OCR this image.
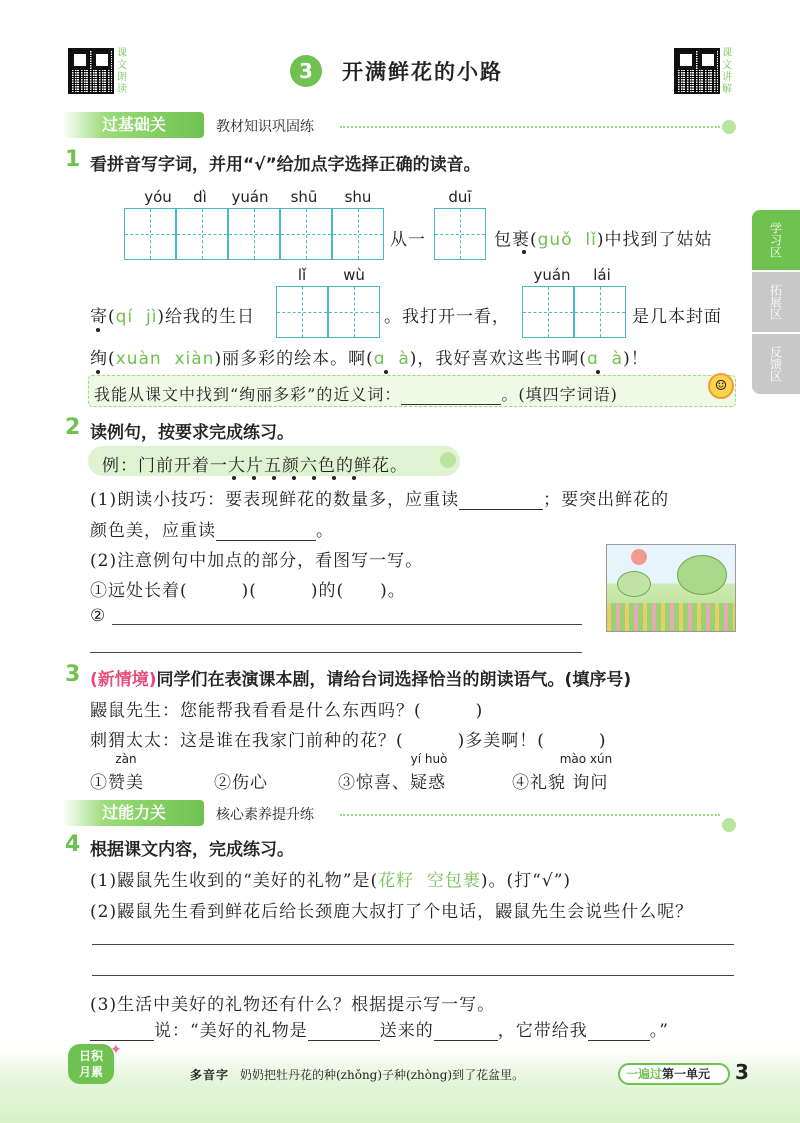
课文朗读
3	开满鲜花的小路
课文讲解
过基础关	教材知识巩固练
学习区
拓展区
反馈区
1 看拼音写字词，并用“√”给加点字选择正确的读音。
yóu	dì	yuán	shū	shu	duī
从一	包裹(guǒ lǐ)中找到了姑姑
lǐ	wù	yuán	lái
寄(qí jì)给我的生日	。我打开一看，	是几本封面
绚(xuàn xiàn)丽多彩的绘本。啊(ɑ à)，我好喜欢这些书啊(ɑ à)！
我能从课文中找到“绚丽多彩”的近义词：	。(填四字词语)	☺
2 读例句，按要求完成练习。
例：门前开着一大片五颜六色的鲜花。
(1)朗读小技巧：要表现鲜花的数量多，应重读	；要突出鲜花的
颜色美，应重读	。
(2)注意例句中加点的部分，看图写一写。
①远处长着(   	)(   	)的(   )。
②
3 (新情境)同学们在表演课本剧，请给台词选择恰当的朗读语气。(填序号)
鼹鼠先生：您能帮我看看是什么东西吗？(　　　)
刺猬太太：这是谁在我家门前种的花？(　　　)多美啊！(　　　)
zàn	yí huò	mào xún
①赞美	②伤心	③惊喜、疑惑	④礼貌 询问
过能力关	核心素养提升练
4 根据课文内容，完成练习。
(1)鼹鼠先生收到的“美好的礼物”是(花籽 空包裹)。(打“√”)
(2)鼹鼠先生看到鲜花后给长颈鹿大叔打了个电话，鼹鼠先生会说些什么呢？
(3)生活中美好的礼物还有什么？根据提示写一写。
说：“美好的礼物是	送来的	，它带给我	。”
日积
月累
✦
多音字 奶奶把牡丹花的种(zhǒng)子种(zhòng)到了花盆里。	一遍过第一单元	3
